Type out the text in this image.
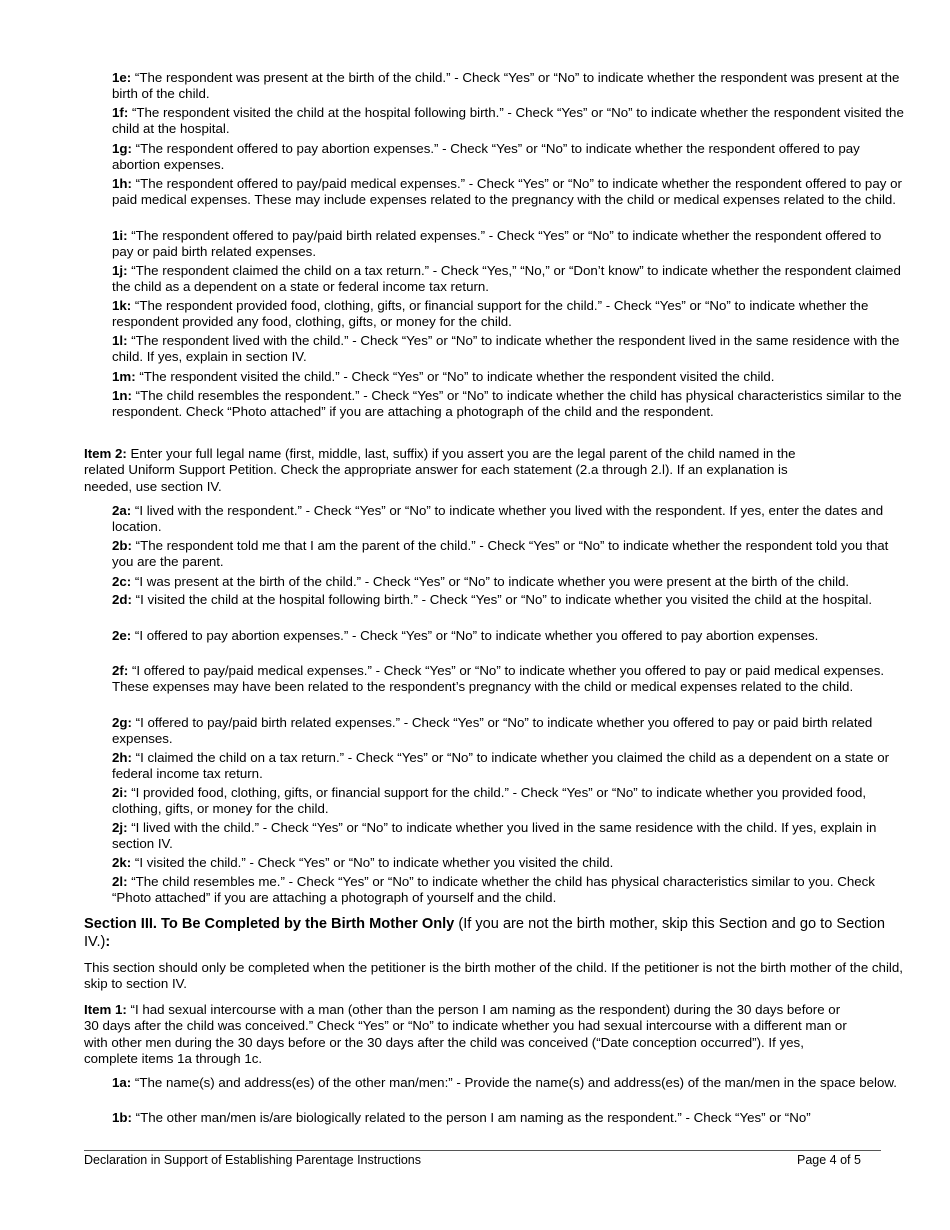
1e: “The respondent was present at the birth of the child.” - Check “Yes” or “No” to indicate whether the respondent was present at the birth of the child.

1f: “The respondent visited the child at the hospital following birth.” - Check “Yes” or “No” to indicate whether the respondent visited the child at the hospital.

1g: “The respondent offered to pay abortion expenses.” - Check “Yes” or “No” to indicate whether the respondent offered to pay abortion expenses.

1h: “The respondent offered to pay/paid medical expenses.” - Check “Yes” or “No” to indicate whether the respondent offered to pay or paid medical expenses. These may include expenses related to the pregnancy with the child or medical expenses related to the child.

1i: “The respondent offered to pay/paid birth related expenses.” - Check “Yes” or “No” to indicate whether the respondent offered to pay or paid birth related expenses.

1j: “The respondent claimed the child on a tax return.” - Check “Yes,” “No,” or “Don’t know” to indicate whether the respondent claimed the child as a dependent on a state or federal income tax return.

1k: “The respondent provided food, clothing, gifts, or financial support for the child.” - Check “Yes” or “No” to indicate whether the respondent provided any food, clothing, gifts, or money for the child.

1l: “The respondent lived with the child.” - Check “Yes” or “No” to indicate whether the respondent lived in the same residence with the child. If yes, explain in section IV.

1m: “The respondent visited the child.” - Check “Yes” or “No” to indicate whether the respondent visited the child.

1n: “The child resembles the respondent.” - Check “Yes” or “No” to indicate whether the child has physical characteristics similar to the respondent. Check “Photo attached” if you are attaching a photograph of the child and the respondent.

Item 2: Enter your full legal name (first, middle, last, suffix) if you assert you are the legal parent of the child named in the related Uniform Support Petition. Check the appropriate answer for each statement (2.a through 2.l). If an explanation is needed, use section IV.

2a: “I lived with the respondent.” - Check “Yes” or “No” to indicate whether you lived with the respondent. If yes, enter the dates and location.

2b: “The respondent told me that I am the parent of the child.” - Check “Yes” or “No” to indicate whether the respondent told you that you are the parent.

2c: “I was present at the birth of the child.” - Check “Yes” or “No” to indicate whether you were present at the birth of the child.

2d: “I visited the child at the hospital following birth.” - Check “Yes” or “No” to indicate whether you visited the child at the hospital.

2e: “I offered to pay abortion expenses.” - Check “Yes” or “No” to indicate whether you offered to pay abortion expenses.

2f: “I offered to pay/paid medical expenses.” - Check “Yes” or “No” to indicate whether you offered to pay or paid medical expenses. These expenses may have been related to the respondent’s pregnancy with the child or medical expenses related to the child.

2g: “I offered to pay/paid birth related expenses.” - Check “Yes” or “No” to indicate whether you offered to pay or paid birth related expenses.

2h: “I claimed the child on a tax return.” - Check “Yes” or “No” to indicate whether you claimed the child as a dependent on a state or federal income tax return.

2i: “I provided food, clothing, gifts, or financial support for the child.” - Check “Yes” or “No” to indicate whether you provided food, clothing, gifts, or money for the child.

2j: “I lived with the child.” - Check “Yes” or “No” to indicate whether you lived in the same residence with the child. If yes, explain in section IV.

2k: “I visited the child.” - Check “Yes” or “No” to indicate whether you visited the child.

2l: “The child resembles me.” - Check “Yes” or “No” to indicate whether the child has physical characteristics similar to you. Check “Photo attached” if you are attaching a photograph of yourself and the child.

Section III. To Be Completed by the Birth Mother Only (If you are not the birth mother, skip this Section and go to Section IV.):

This section should only be completed when the petitioner is the birth mother of the child. If the petitioner is not the birth mother of the child, skip to section IV.

Item 1: “I had sexual intercourse with a man (other than the person I am naming as the respondent) during the 30 days before or 30 days after the child was conceived.” Check “Yes” or “No” to indicate whether you had sexual intercourse with a different man or with other men during the 30 days before or the 30 days after the child was conceived (“Date conception occurred”). If yes, complete items 1a through 1c.

1a: “The name(s) and address(es) of the other man/men:” - Provide the name(s) and address(es) of the man/men in the space below.

1b: “The other man/men is/are biologically related to the person I am naming as the respondent.” - Check “Yes” or “No”

Declaration in Support of Establishing Parentage Instructions	Page 4 of 5
